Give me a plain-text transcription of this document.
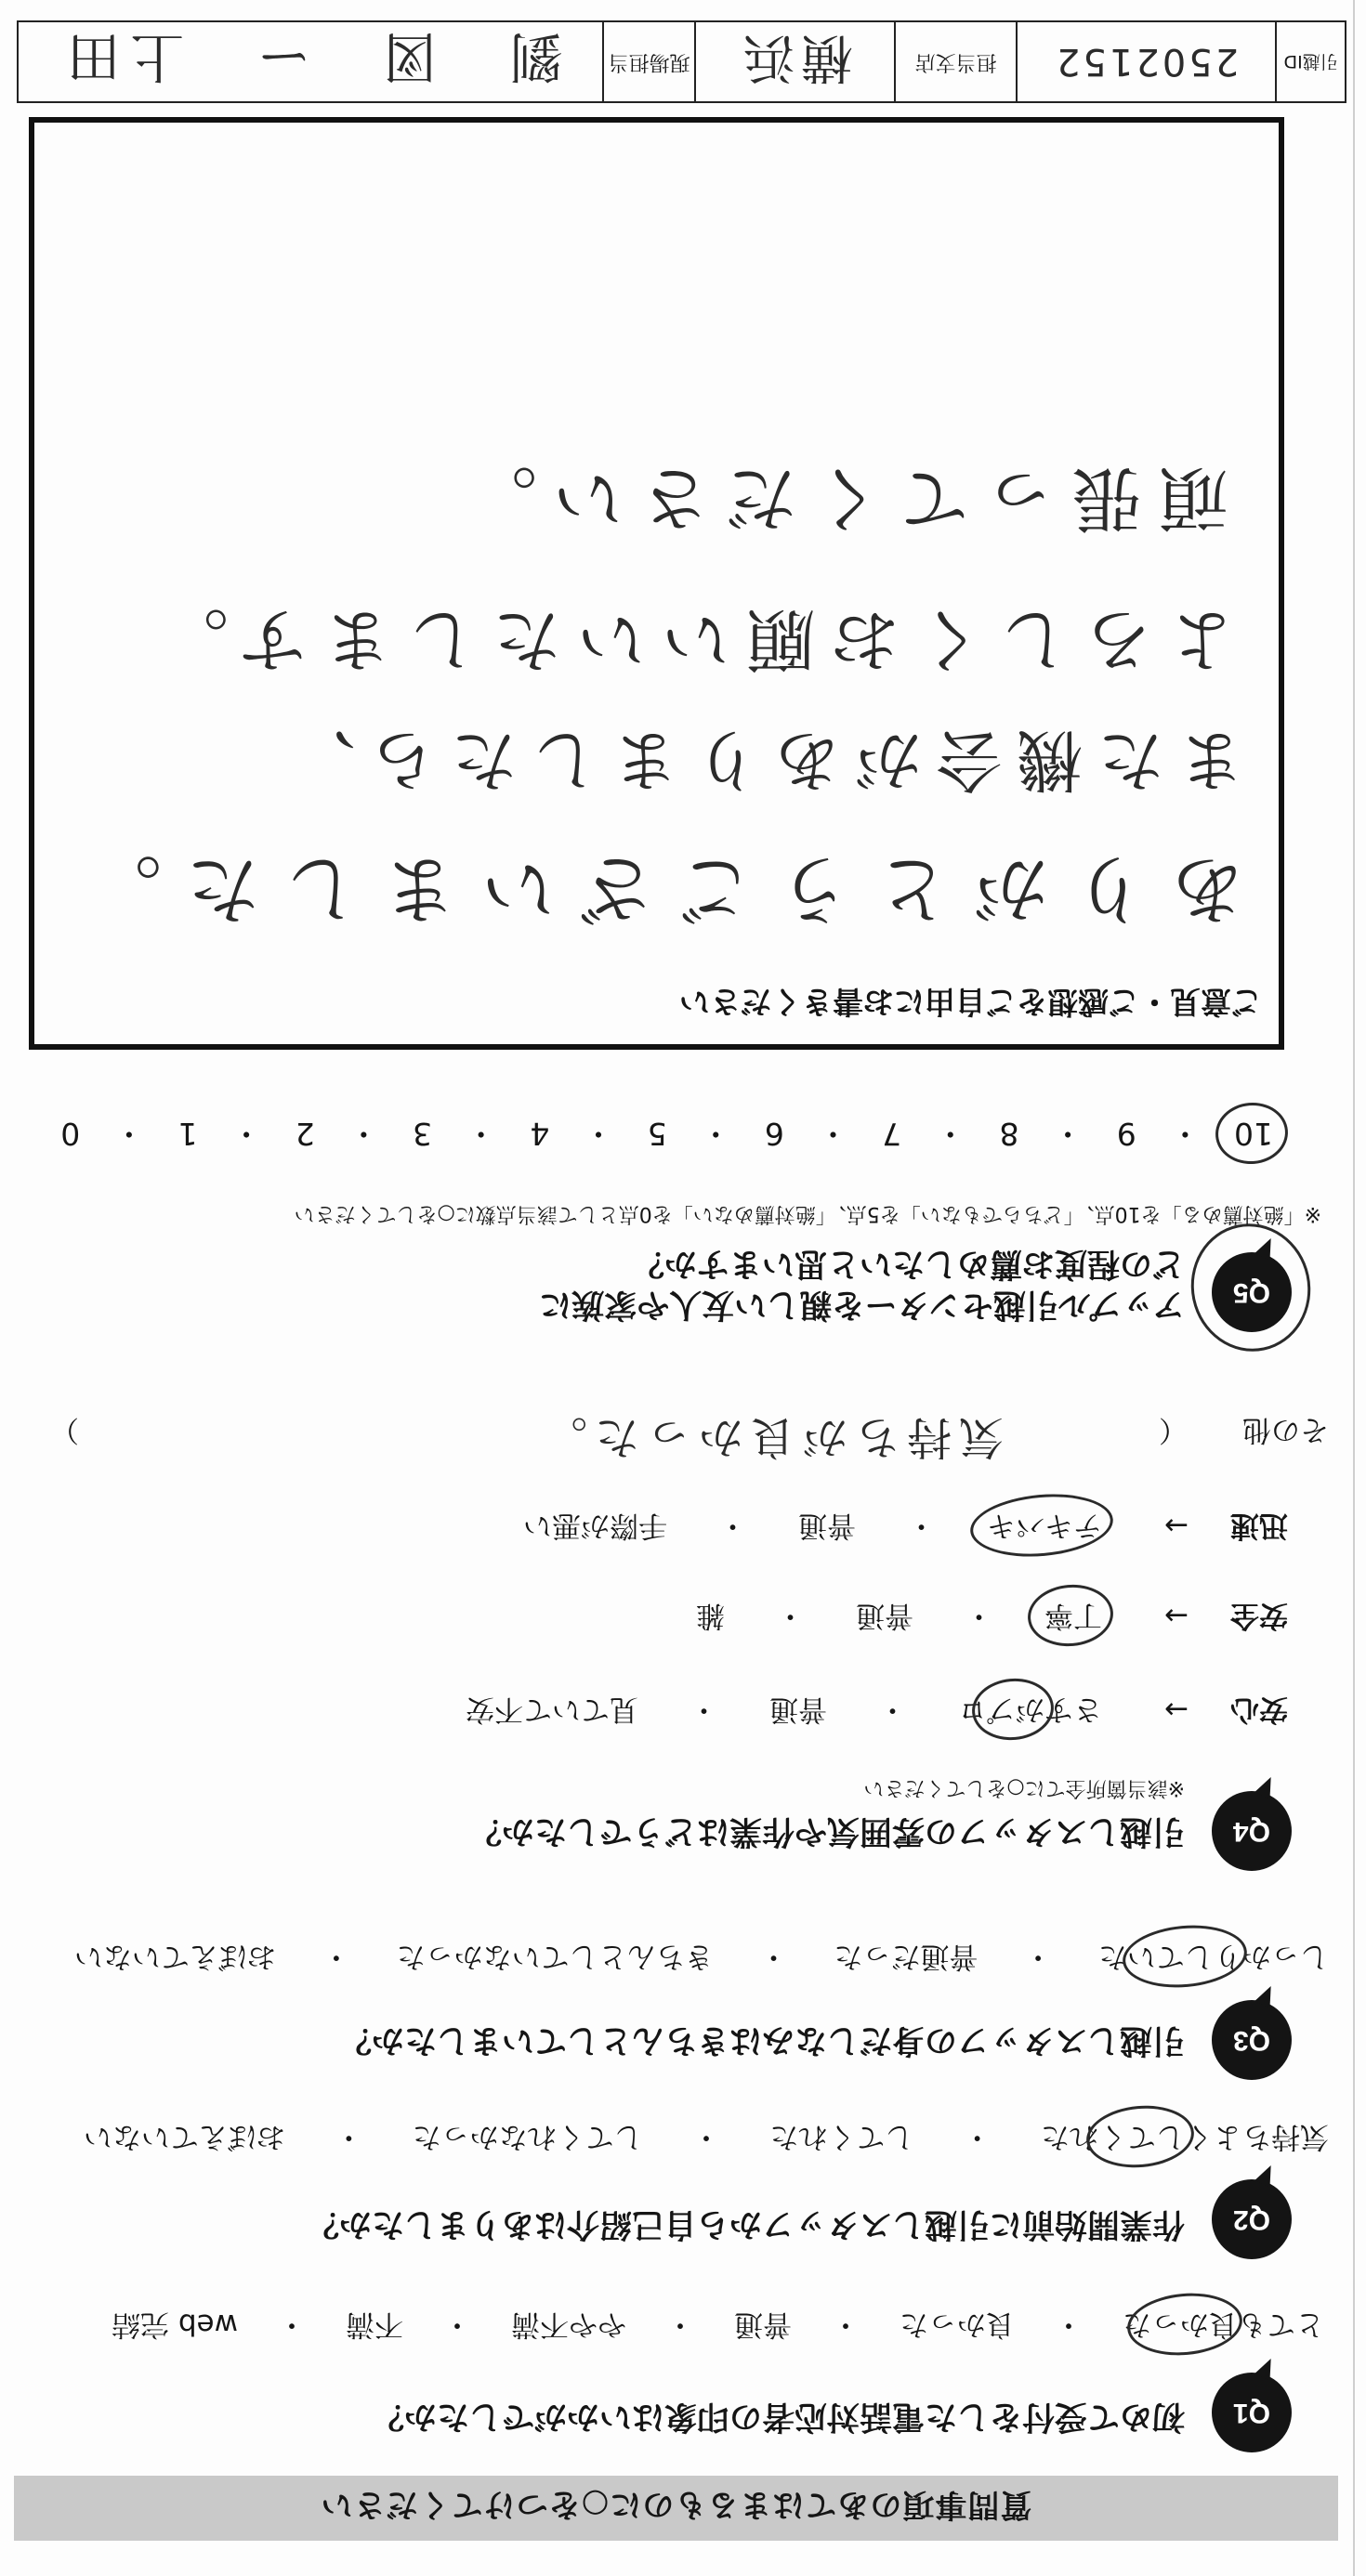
質問事項のあてはまるものに○をつけてください
Q1
初めて受付をした電話対応者の印象はいかがでしたか？
とても良かった
・
良かった
・
普通
・
やや不満
・
不満
・
web 完結
Q2
作業開始前に引越しスタッフから自己紹介はありましたか？
気持ちよくしてくれた
・
してくれた
・
してくれなかった
・
おぼえていない
Q3
引越しスタッフの身だしなみはきちんとしていましたか？
しっかりしていた
・
普通だった
・
きちんとしていなかった
・
おぼえていない
Q4
引越しスタッフの雰囲気や作業はどうでしたか？
※該当箇所全てに○をしてください
安心
→
さすがプロ
・
普通
・
見ていて不安
安全
→
丁寧
・
普通
・
雑
迅速
→
テキパキ
・
普通
・
手際が悪い
その他
（
気持ちが良かった。
）
Q5
アップル引越センターを親しい友人や家族に
どの程度お薦めしたいと思いますか？
※「絶対薦める」を10点、「どちらでもない」を5点、「絶対薦めない」を0点として該当点数に○をしてください
10
・
9
・
8
・
7
・
6
・
5
・
4
・
3
・
2
・
1
・
0
ご意見・ご感想をご自由にお書きください
ありがとうございました。
また機会がありましたら、
よろしくお願いいたします。
頑張ってください。
引越ID
2502152
担当支店
横浜
現場担当
劉　図　ー　上田
